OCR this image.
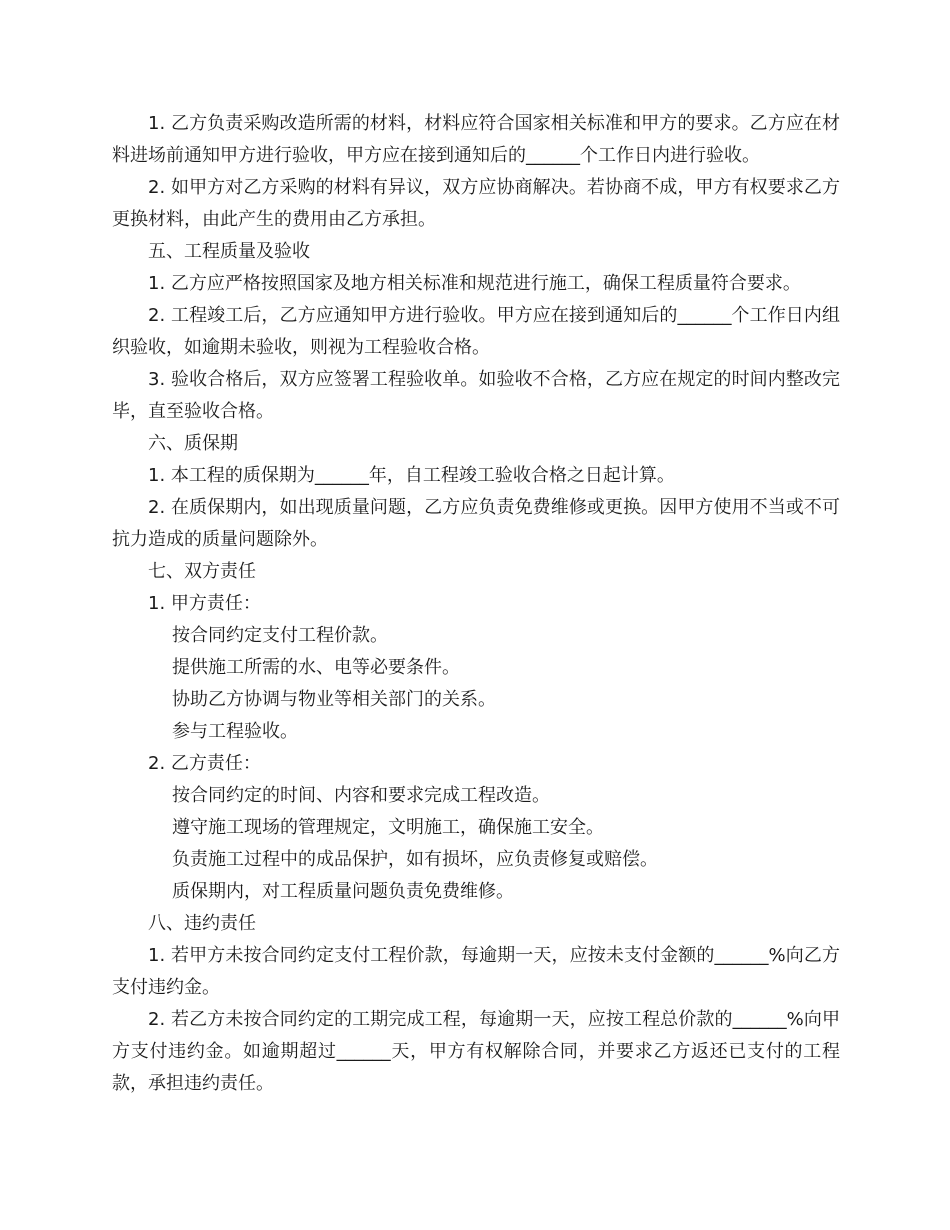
1. 乙方负责采购改造所需的材料，材料应符合国家相关标准和甲方的要求。乙方应在材料进场前通知甲方进行验收，甲方应在接到通知后的______个工作日内进行验收。

2. 如甲方对乙方采购的材料有异议，双方应协商解决。若协商不成，甲方有权要求乙方更换材料，由此产生的费用由乙方承担。

五、工程质量及验收

1. 乙方应严格按照国家及地方相关标准和规范进行施工，确保工程质量符合要求。

2. 工程竣工后，乙方应通知甲方进行验收。甲方应在接到通知后的______个工作日内组织验收，如逾期未验收，则视为工程验收合格。

3. 验收合格后，双方应签署工程验收单。如验收不合格，乙方应在规定的时间内整改完毕，直至验收合格。

六、质保期

1. 本工程的质保期为______年，自工程竣工验收合格之日起计算。

2. 在质保期内，如出现质量问题，乙方应负责免费维修或更换。因甲方使用不当或不可抗力造成的质量问题除外。

七、双方责任

1. 甲方责任：

按合同约定支付工程价款。

提供施工所需的水、电等必要条件。

协助乙方协调与物业等相关部门的关系。

参与工程验收。

2. 乙方责任：

按合同约定的时间、内容和要求完成工程改造。

遵守施工现场的管理规定，文明施工，确保施工安全。

负责施工过程中的成品保护，如有损坏，应负责修复或赔偿。

质保期内，对工程质量问题负责免费维修。

八、违约责任

1. 若甲方未按合同约定支付工程价款，每逾期一天，应按未支付金额的______%向乙方支付违约金。

2. 若乙方未按合同约定的工期完成工程，每逾期一天，应按工程总价款的______%向甲方支付违约金。如逾期超过______天，甲方有权解除合同，并要求乙方返还已支付的工程款，承担违约责任。
